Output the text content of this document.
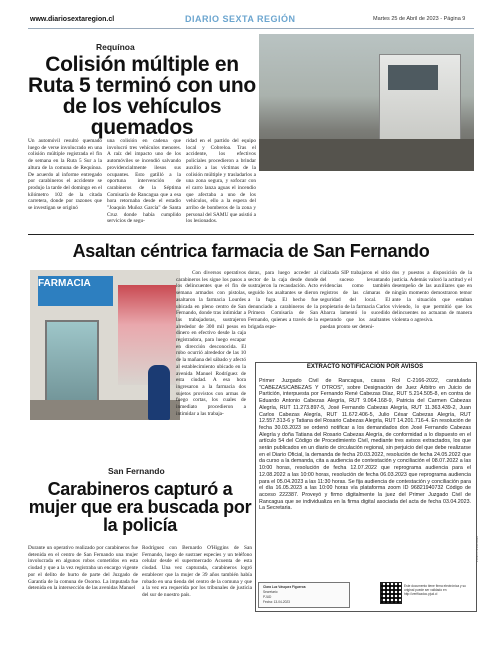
www.diariosextaregion.cl	DIARIO SEXTA REGIÓN	Martes 25 de Abril de 2023 - Página 9
Requínoa
Colisión múltiple en Ruta 5 terminó con uno de los vehículos quemados
Un automóvil resultó quemado luego de verse involucrado en una colisión múltiple registrada el fin de semana en la Ruta 5 Sur a la altura de la comuna de Requínoa. De acuerdo al informe entregado por carabineros el accidente se produjo la tarde del domingo en el kilómetro 102 de la citada carretera, donde por razones que se investigan se originó
una colisión en cadena que involucró tres vehículos menores. A raíz del impacto uno de los automóviles se incendió salvando providencialmente ilesos sus ocupantes. Esto gatilló a la oportuna intervención de carabineros de la Séptima Comisaría de Rancagua que a esa hora retornaba desde el estadio "Joaquín Muñoz García" de Santa Cruz donde había cumplido servicios de segu-
ridad en el partido del equipo local y Cobreloa. Tras el accidente, los efectivos policiales procedieron a brindar auxilio a las víctimas de la colisión múltiple y trasladarlos a una zona segura, y sofocar con el carro lanza aguas el incendio que afectaba a uno de los vehículos, ello a la espera del arribo de bomberos de la zona y personal del SAMU que asistió a los lesionados.
Asaltan céntrica farmacia de San Fernando
FARMACIA
Con diversos operativos carabineros les sigue los pasos a los delincuentes que el fin de semana armados con pistolas, asaltaron la farmacia Lourdes ubicada en pleno centro de San Fernando, donde tras intimidar a las trabajadoras, sustrajeron alrededor de 300 mil pesos en dinero en efectivo desde la caja registradora, para luego escapar en dirección desconocida. El robo ocurrió alrededor de las 10 de la mañana del sábado y afectó al establecimiento ubicado en la avenida Manuel Rodríguez de esta ciudad. A esa hora ingresaron a la farmacia dos sujetos provistos con armas de fuego cortas, los cuales de inmediato procedieron a intimidar a las trabaja-
doras, para luego acceder al sector de la caja desde donde sustrajeron la recaudación. Acto seguido los asaltantes se dieron a la fuga. El hecho fue denunciado a carabineros de la Primera Comisaría de San Fernando, quienes a través de la brigada espe-
cializada SIP trabajaron el sitio del suceso levantando evidencias como también registros de las cámaras de seguridad del local. El propietario de la farmacia Carlos Abarca lamentó lo sucedido esperando que los asaltantes puedan pronto ser deteni-
dos y puestos a disposición de la justicia. Además valoró la actitud y el desempeño de las auxiliares que en ningún momento demostraron temor ante la situación que estaban viviendo, lo que permitió que los delincuentes no actuaran de manera violenta o agresiva.
EXTRACTO NOTIFICACIÓN POR AVISOS
Primer Juzgado Civil de Rancagua, causa Rol C-2166-2022, caratulada "CABEZAS/CABEZAS Y OTROS", sobre Designación de Juez Árbitro en Juicio de Partición, interpuesta por Fernando René Cabezas Díaz, RUT 5.214.505-8, en contra de Eduardo Antonio Cabezas Alegría, RUT 9.064.168-9, Patricia del Carmen Cabezas Alegría, RUT 11.273.897-5, José Fernando Cabezas Alegría, RUT 11.363.439-2, Juan Carlos Cabezas Alegría, RUT 11.672.406-5, Julio César Cabezas Alegría, RUT 12.557.313-6 y Tatiana del Rosario Cabezas Alegría, RUT 14.201.716-4. En resolución de fecha 30.03.2023 se ordenó notificar a los demandados don José Fernando Cabezas Alegría y doña Tatiana del Rosario Cabezas Alegría, de conformidad a lo dispuesto en el artículo 54 del Código de Procedimiento Civil, mediante tres avisos extractados, los que serán publicados en un diario de circulación regional, sin perjuicio del que debe realizarse en el Diario Oficial, la demanda de fecha 20.03.2022, resolución de fecha 24.05.2022 que da curso a la demanda, cita a audiencia de contestación y conciliación el 08.07.2022 a las 10:00 horas, resolución de fecha 12.07.2022 que reprograma audiencia para el 12.08.2022 a las 10:00 horas, resolución de fecha 06.03.2023 que reprograma audiencia para el 05.04.2023 a las 11:30 horas. Se fija audiencia de contestación y conciliación para el día 16.05.2023 a las 10:00 horas vía plataforma zoom ID 96821940732 Código de acceso 222387. Proveyó y firmo digitalmente la juez del Primer Juzgado Civil de Rancagua que se individualiza en la firma digital asociada del acta de fecha 03.04.2023. La Secretaria.
Clara Luz Vásquez Figueroa
Secretario
PJUD
Fecha: 13-04-2023
Este documento tiene firma electrónica y su original puede ser validado en http://verificadoc.pjud.cl
PJUD C-2166-2022
San Fernando
Carabineros capturó a mujer que era buscada por la policía
Durante un operativo realizado por carabineros fue detenida en el centro de San Fernando una mujer involucrada en algunos robos cometidos en esta ciudad y que a la vez registraba un encargo vigente por el delito de hurto de parte del Juzgado de Garantía de la comuna de Osorno. La imputada fue detenida en la intersección de las avenidas Manuel
Rodríguez con Bernardo O'Higgins de San Fernando, luego de sustraer especies y un teléfono celular desde el supermercado Acuenta de esta ciudad. Una vez capturada, carabineros logró establecer que la mujer de 39 años también había robado en una tienda del centro de la comuna y que a la vez era requerida por los tribunales de justicia del sur de nuestro país.
